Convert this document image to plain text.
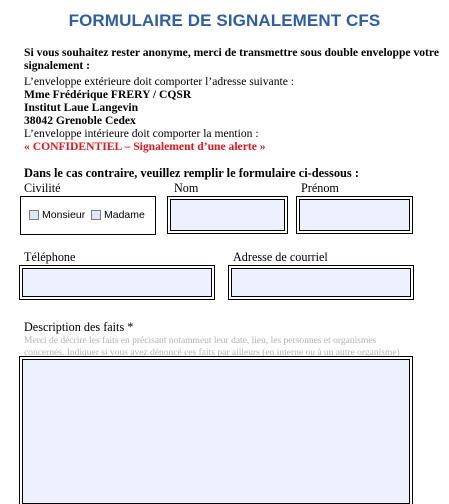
FORMULAIRE DE SIGNALEMENT CFS
Si vous souhaitez rester anonyme, merci de transmettre sous double enveloppe votre
signalement :
L’enveloppe extérieure doit comporter l’adresse suivante :
Mme Frédérique FRERY / CQSR
Institut Laue Langevin
38042 Grenoble Cedex
L’enveloppe intérieure doit comporter la mention :
« CONFIDENTIEL – Signalement d’une alerte »
Dans le cas contraire, veuillez remplir le formulaire ci-dessous :
Civilité	Nom	Prénom
Monsieur Madame
Téléphone	Adresse de courriel
Description des faits *
Merci de décrire les faits en précisant notamment leur date, lieu, les personnes et organismes
concernés. Indiquer si vous avez dénoncé ces faits par ailleurs (en interne ou à un autre organisme)
